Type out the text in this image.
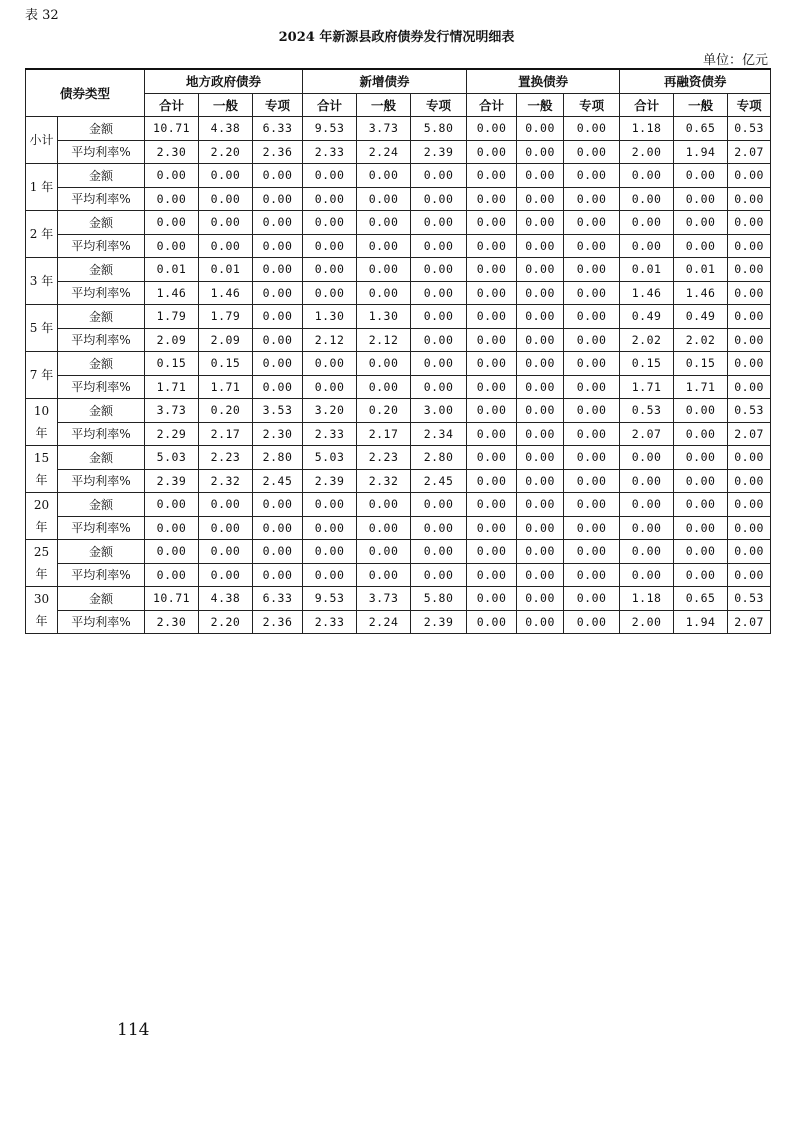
表 32
2024 年新源县政府债券发行情况明细表
单位：亿元
债券类型		地方政府债券			新增债券			置换债券			再融资债券		
		合计	一般	专项	合计	一般	专项	合计	一般	专项	合计	一般	专项
小计	金额	10.71	4.38	6.33	9.53	3.73	5.80	0.00	0.00	0.00	1.18	0.65	0.53
	平均利率%	2.30	2.20	2.36	2.33	2.24	2.39	0.00	0.00	0.00	2.00	1.94	2.07
1 年	金额	0.00	0.00	0.00	0.00	0.00	0.00	0.00	0.00	0.00	0.00	0.00	0.00
	平均利率%	0.00	0.00	0.00	0.00	0.00	0.00	0.00	0.00	0.00	0.00	0.00	0.00
2 年	金额	0.00	0.00	0.00	0.00	0.00	0.00	0.00	0.00	0.00	0.00	0.00	0.00
	平均利率%	0.00	0.00	0.00	0.00	0.00	0.00	0.00	0.00	0.00	0.00	0.00	0.00
3 年	金额	0.01	0.01	0.00	0.00	0.00	0.00	0.00	0.00	0.00	0.01	0.01	0.00
	平均利率%	1.46	1.46	0.00	0.00	0.00	0.00	0.00	0.00	0.00	1.46	1.46	0.00
5 年	金额	1.79	1.79	0.00	1.30	1.30	0.00	0.00	0.00	0.00	0.49	0.49	0.00
	平均利率%	2.09	2.09	0.00	2.12	2.12	0.00	0.00	0.00	0.00	2.02	2.02	0.00
7 年	金额	0.15	0.15	0.00	0.00	0.00	0.00	0.00	0.00	0.00	0.15	0.15	0.00
	平均利率%	1.71	1.71	0.00	0.00	0.00	0.00	0.00	0.00	0.00	1.71	1.71	0.00
10 年	金额	3.73	0.20	3.53	3.20	0.20	3.00	0.00	0.00	0.00	0.53	0.00	0.53
	平均利率%	2.29	2.17	2.30	2.33	2.17	2.34	0.00	0.00	0.00	2.07	0.00	2.07
15 年	金额	5.03	2.23	2.80	5.03	2.23	2.80	0.00	0.00	0.00	0.00	0.00	0.00
	平均利率%	2.39	2.32	2.45	2.39	2.32	2.45	0.00	0.00	0.00	0.00	0.00	0.00
20 年	金额	0.00	0.00	0.00	0.00	0.00	0.00	0.00	0.00	0.00	0.00	0.00	0.00
	平均利率%	0.00	0.00	0.00	0.00	0.00	0.00	0.00	0.00	0.00	0.00	0.00	0.00
25 年	金额	0.00	0.00	0.00	0.00	0.00	0.00	0.00	0.00	0.00	0.00	0.00	0.00
	平均利率%	0.00	0.00	0.00	0.00	0.00	0.00	0.00	0.00	0.00	0.00	0.00	0.00
30 年	金额	10.71	4.38	6.33	9.53	3.73	5.80	0.00	0.00	0.00	1.18	0.65	0.53
	平均利率%	2.30	2.20	2.36	2.33	2.24	2.39	0.00	0.00	0.00	2.00	1.94	2.07
114
